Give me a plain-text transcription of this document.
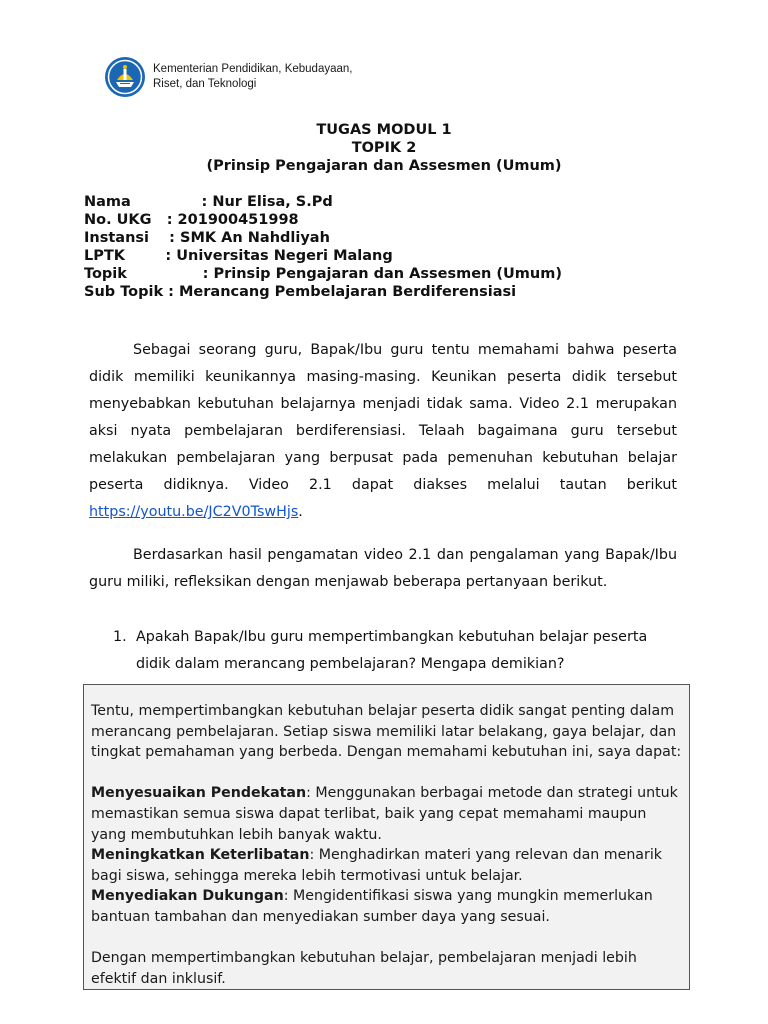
Kementerian Pendidikan, Kebudayaan,
Riset, dan Teknologi
TUGAS MODUL 1
TOPIK 2
(Prinsip Pengajaran dan Assesmen (Umum)
Nama              : Nur Elisa, S.Pd
No. UKG   : 201900451998
Instansi    : SMK An Nahdliyah
LPTK        : Universitas Negeri Malang
Topik               : Prinsip Pengajaran dan Assesmen (Umum)
Sub Topik : Merancang Pembelajaran Berdiferensiasi
Sebagai seorang guru, Bapak/Ibu guru tentu memahami bahwa peserta didik memiliki keunikannya masing-masing. Keunikan peserta didik tersebut menyebabkan kebutuhan belajarnya menjadi tidak sama. Video 2.1 merupakan aksi nyata pembelajaran berdiferensiasi. Telaah bagaimana guru tersebut melakukan pembelajaran yang berpusat pada pemenuhan kebutuhan belajar peserta didiknya. Video 2.1 dapat diakses melalui tautan berikut https://youtu.be/JC2V0TswHjs.
Berdasarkan hasil pengamatan video 2.1 dan pengalaman yang Bapak/Ibu guru miliki, refleksikan dengan menjawab beberapa pertanyaan berikut.
1. Apakah Bapak/Ibu guru mempertimbangkan kebutuhan belajar peserta didik dalam merancang pembelajaran? Mengapa demikian?

Tentu, mempertimbangkan kebutuhan belajar peserta didik sangat penting dalam merancang pembelajaran. Setiap siswa memiliki latar belakang, gaya belajar, dan tingkat pemahaman yang berbeda. Dengan memahami kebutuhan ini, saya dapat:

Menyesuaikan Pendekatan: Menggunakan berbagai metode dan strategi untuk memastikan semua siswa dapat terlibat, baik yang cepat memahami maupun yang membutuhkan lebih banyak waktu.

Meningkatkan Keterlibatan: Menghadirkan materi yang relevan dan menarik bagi siswa, sehingga mereka lebih termotivasi untuk belajar.

Menyediakan Dukungan: Mengidentifikasi siswa yang mungkin memerlukan bantuan tambahan dan menyediakan sumber daya yang sesuai.

Dengan mempertimbangkan kebutuhan belajar, pembelajaran menjadi lebih efektif dan inklusif.
